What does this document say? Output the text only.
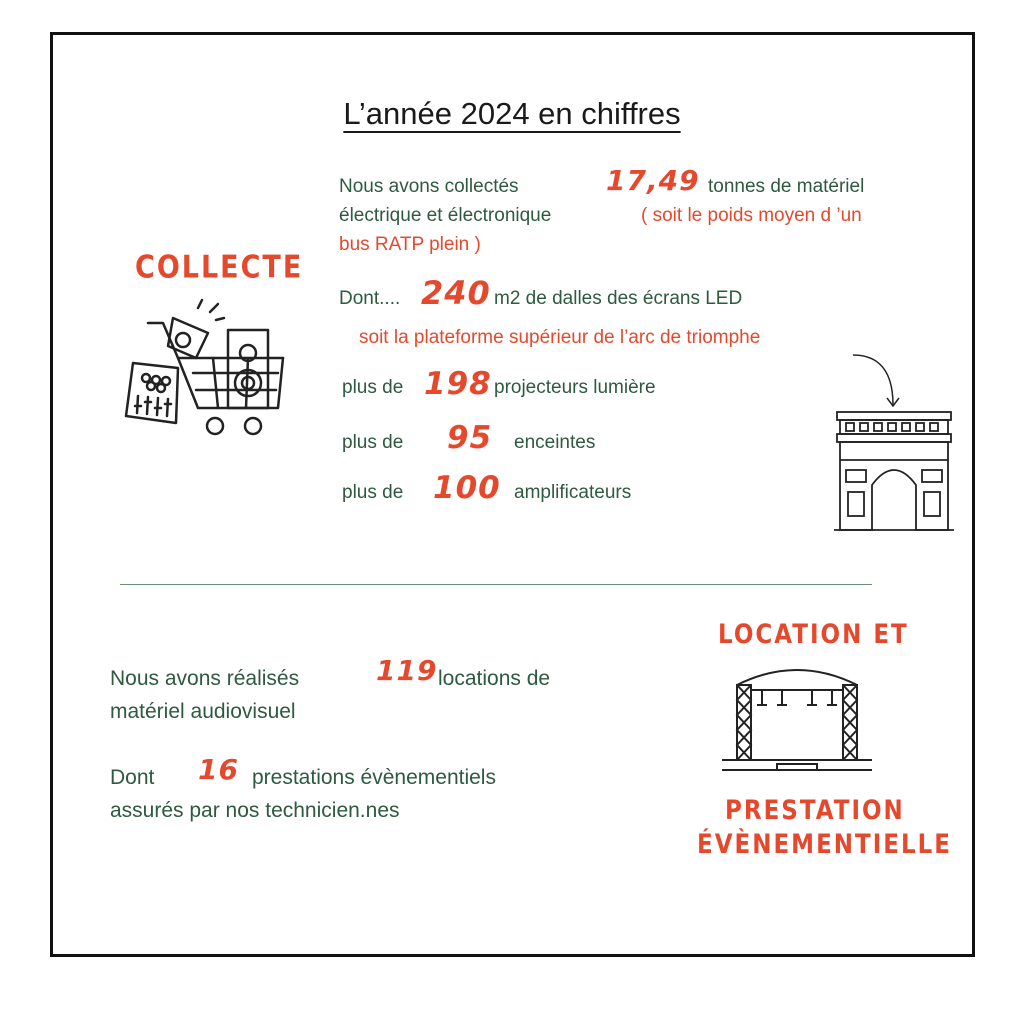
L’année 2024 en chiffres
COLLECTE
Nous avons collectés	17,49 tonnes de matériel
électrique et électronique	( soit le poids moyen d ’un
bus RATP plein )
Dont.... 240 m2 de dalles des écrans LED
soit la plateforme supérieur de l’arc de triomphe
plus de 198 projecteurs lumière
plus de 95 enceintes
plus de 100 amplificateurs
LOCATION ET
PRESTATION
ÉVÈNEMENTIELLE
Nous avons réalisés	119 locations de
matériel audiovisuel
Dont 16 prestations évènementiels
assurés par nos technicien.nes
